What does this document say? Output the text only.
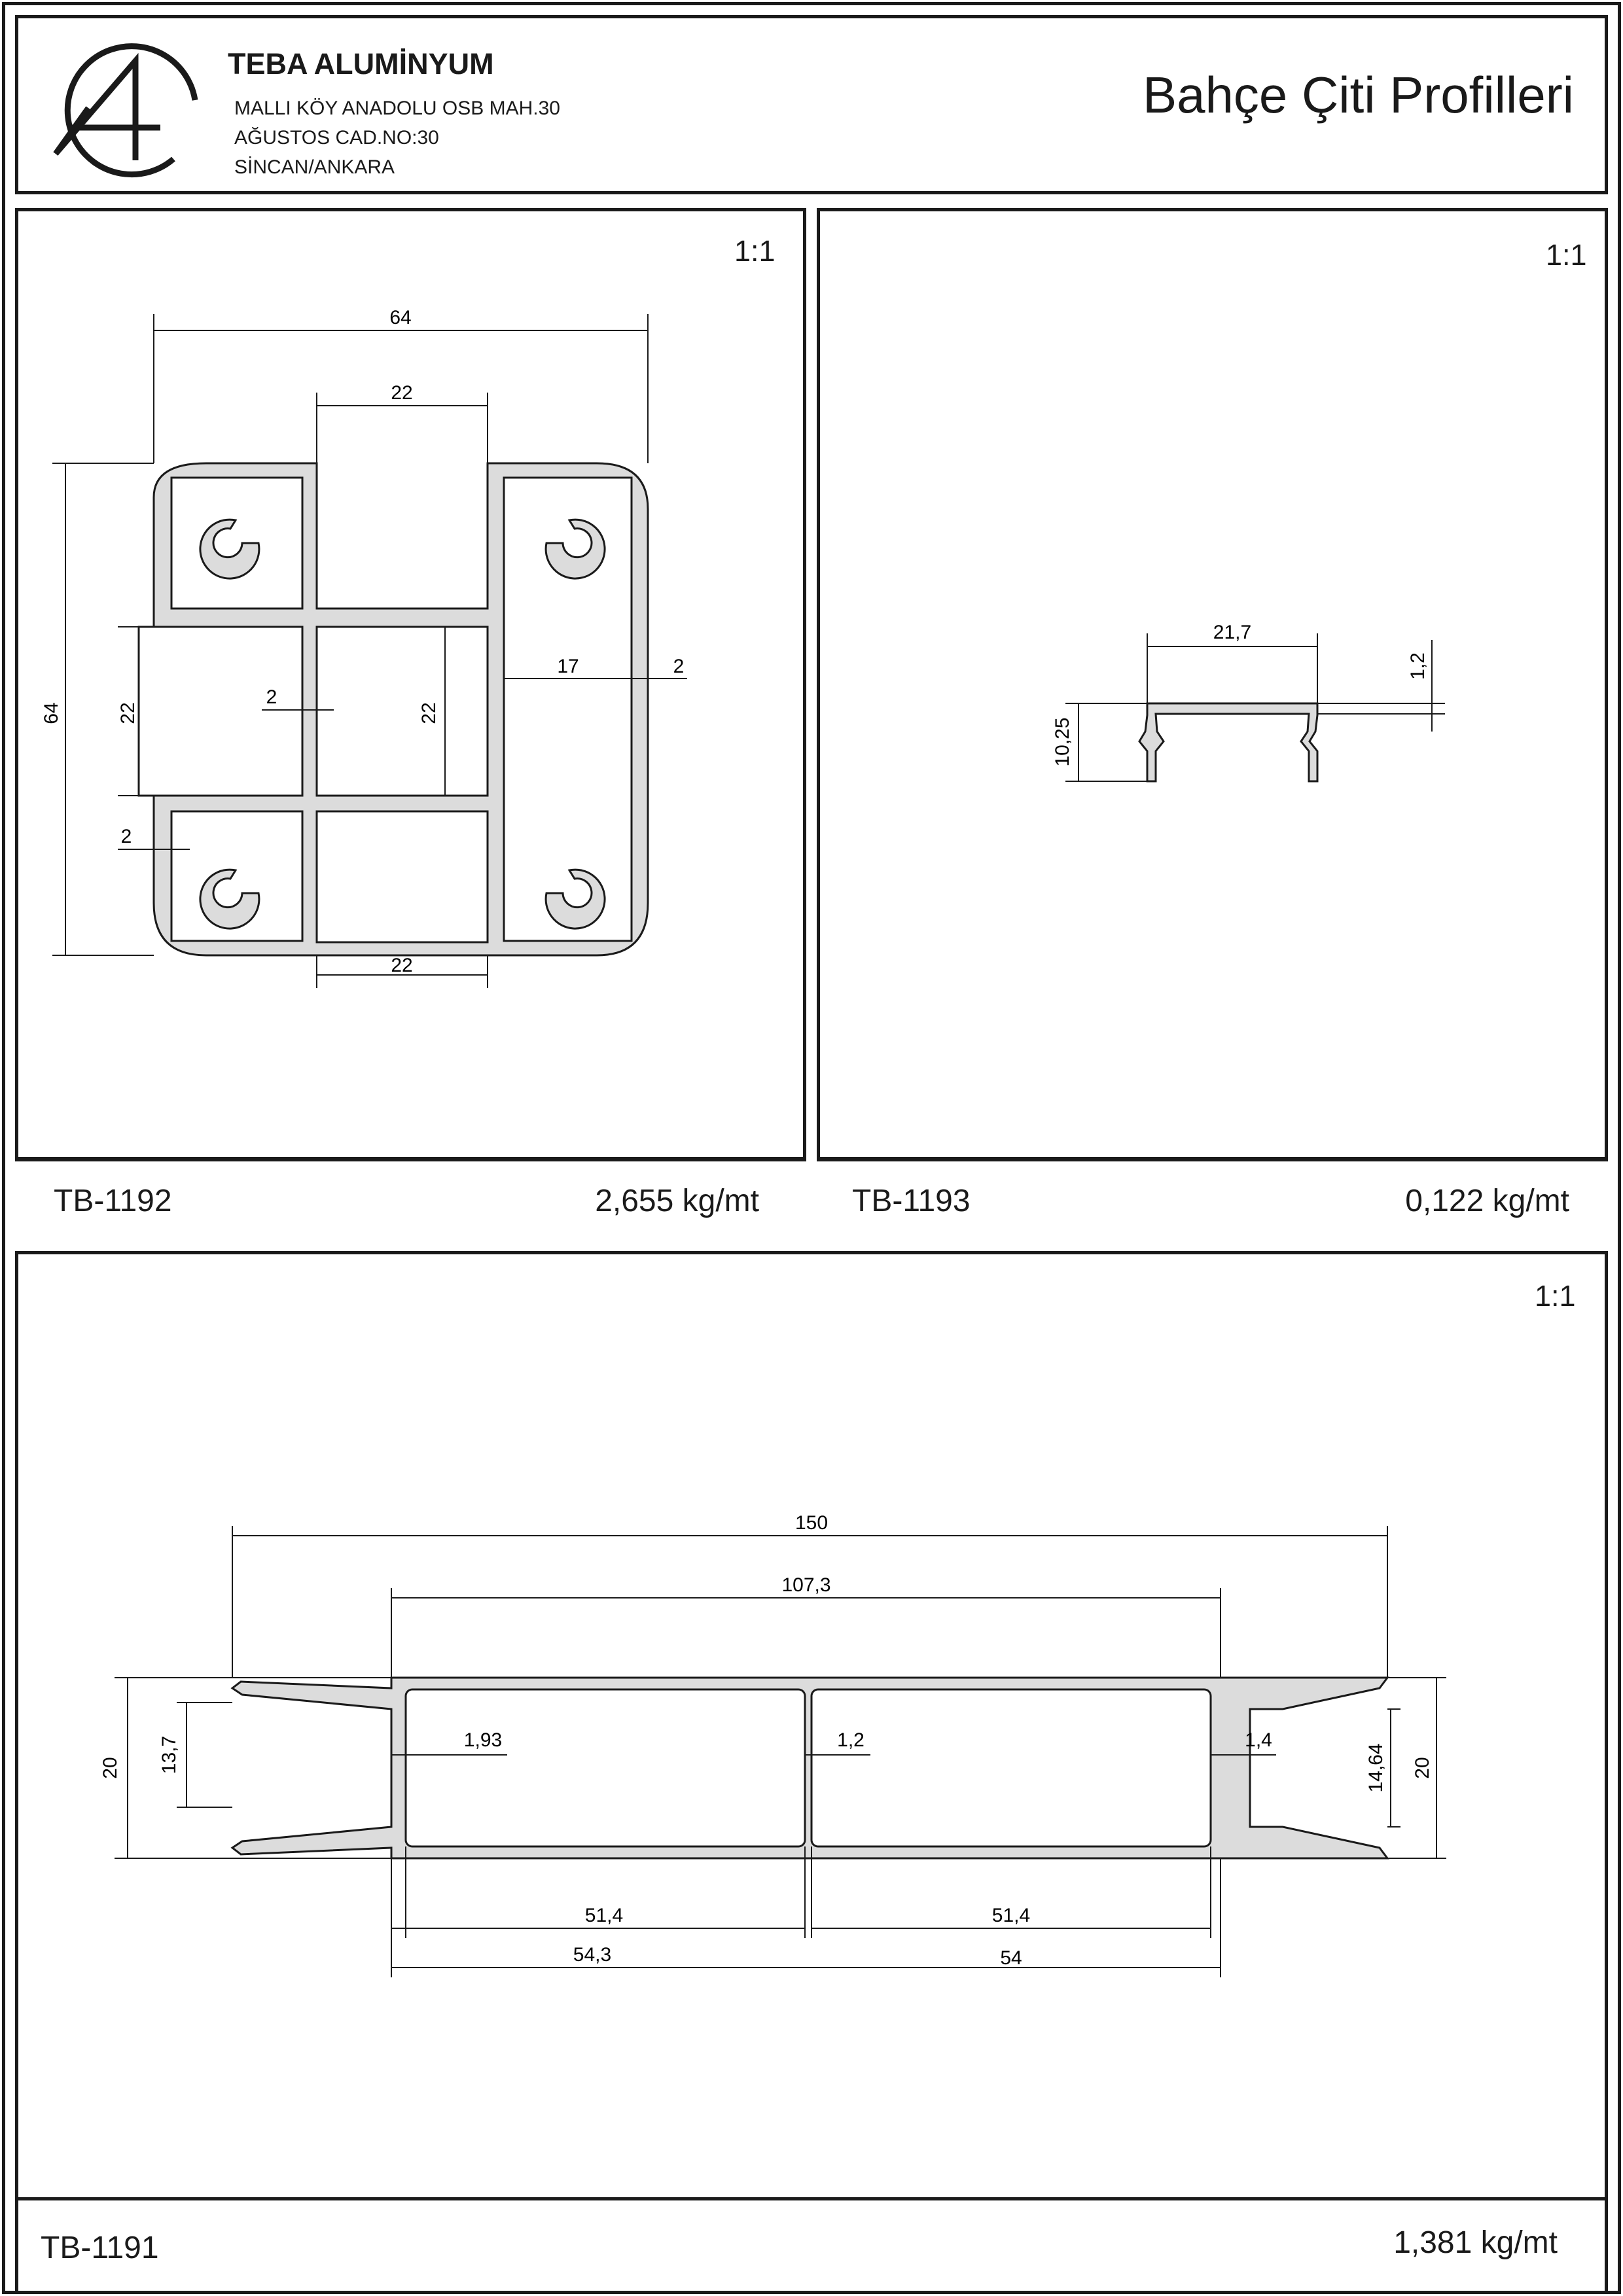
TEBA ALUMİNYUM
MALLI KÖY ANADOLU OSB MAH.30
AĞUSTOS CAD.NO:30
SİNCAN/ANKARA
Bahçe Çiti Profilleri
1:1
TB-1192	2,655 kg/mt
64
22
64	22	22
2
17	2
2
22
1:1
TB-1193	0,122 kg/mt
21,7
1,2
10,25
1:1
TB-1191	1,381 kg/mt
150
107,3
20 13,7	1,93	1,2	1,4
14,64 20
51,4	51,4
54,3	54
